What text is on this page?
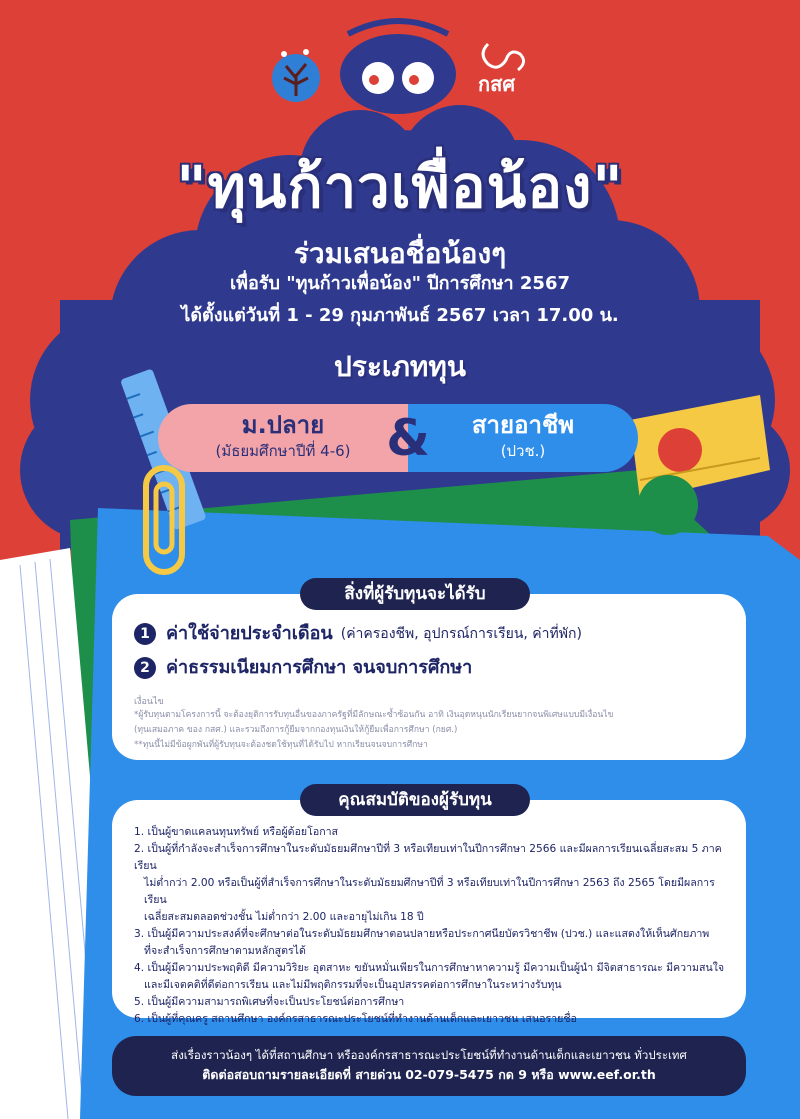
กสศ
"ทุนก้าวเพื่อน้อง"
ร่วมเสนอชื่อน้องๆ
เพื่อรับ "ทุนก้าวเพื่อน้อง" ปีการศึกษา 2567
ได้ตั้งแต่วันที่ 1 - 29 กุมภาพันธ์ 2567 เวลา 17.00 น.
ประเภททุน
ม.ปลาย
(มัธยมศึกษาปีที่ 4-6)
สายอาชีพ
(ปวช.)
&
1 ค่าใช้จ่ายประจำเดือน (ค่าครองชีพ, อุปกรณ์การเรียน, ค่าที่พัก)
2 ค่าธรรมเนียมการศึกษา จนจบการศึกษา
เงื่อนไข
*ผู้รับทุนตามโครงการนี้ จะต้องยุติการรับทุนอื่นของภาครัฐที่มีลักษณะซ้ำซ้อนกัน อาทิ เงินอุดหนุนนักเรียนยากจนพิเศษแบบมีเงื่อนไข
(ทุนเสมอภาค ของ กสศ.) และรวมถึงการกู้ยืมจากกองทุนเงินให้กู้ยืมเพื่อการศึกษา (กยศ.)
**ทุนนี้ไม่มีข้อผูกพันที่ผู้รับทุนจะต้องชดใช้ทุนที่ได้รับไป หากเรียนจนจบการศึกษา
สิ่งที่ผู้รับทุนจะได้รับ
1. เป็นผู้ขาดแคลนทุนทรัพย์ หรือผู้ด้อยโอกาส
2. เป็นผู้ที่กำลังจะสำเร็จการศึกษาในระดับมัธยมศึกษาปีที่ 3 หรือเทียบเท่าในปีการศึกษา 2566 และมีผลการเรียนเฉลี่ยสะสม 5 ภาคเรียน
ไม่ต่ำกว่า 2.00 หรือเป็นผู้ที่สำเร็จการศึกษาในระดับมัธยมศึกษาปีที่ 3 หรือเทียบเท่าในปีการศึกษา 2563 ถึง 2565 โดยมีผลการเรียน
เฉลี่ยสะสมตลอดช่วงชั้น ไม่ต่ำกว่า 2.00 และอายุไม่เกิน 18 ปี
3. เป็นผู้มีความประสงค์ที่จะศึกษาต่อในระดับมัธยมศึกษาตอนปลายหรือประกาศนียบัตรวิชาชีพ (ปวช.) และแสดงให้เห็นศักยภาพ
ที่จะสำเร็จการศึกษาตามหลักสูตรได้
4. เป็นผู้มีความประพฤติดี มีความวิริยะ อุตสาหะ ขยันหมั่นเพียรในการศึกษาหาความรู้ มีความเป็นผู้นำ มีจิตสาธารณะ มีความสนใจ
และมีเจตคติที่ดีต่อการเรียน และไม่มีพฤติกรรมที่จะเป็นอุปสรรคต่อการศึกษาในระหว่างรับทุน
5. เป็นผู้มีความสามารถพิเศษที่จะเป็นประโยชน์ต่อการศึกษา
6. เป็นผู้ที่คุณครู สถานศึกษา องค์กรสาธารณะประโยชน์ที่ทำงานด้านเด็กและเยาวชน เสนอรายชื่อ
คุณสมบัติของผู้รับทุน
ส่งเรื่องราวน้องๆ ได้ที่สถานศึกษา หรือองค์กรสาธารณะประโยชน์ที่ทำงานด้านเด็กและเยาวชน ทั่วประเทศ
ติดต่อสอบถามรายละเอียดที่ สายด่วน 02-079-5475 กด 9 หรือ www.eef.or.th
